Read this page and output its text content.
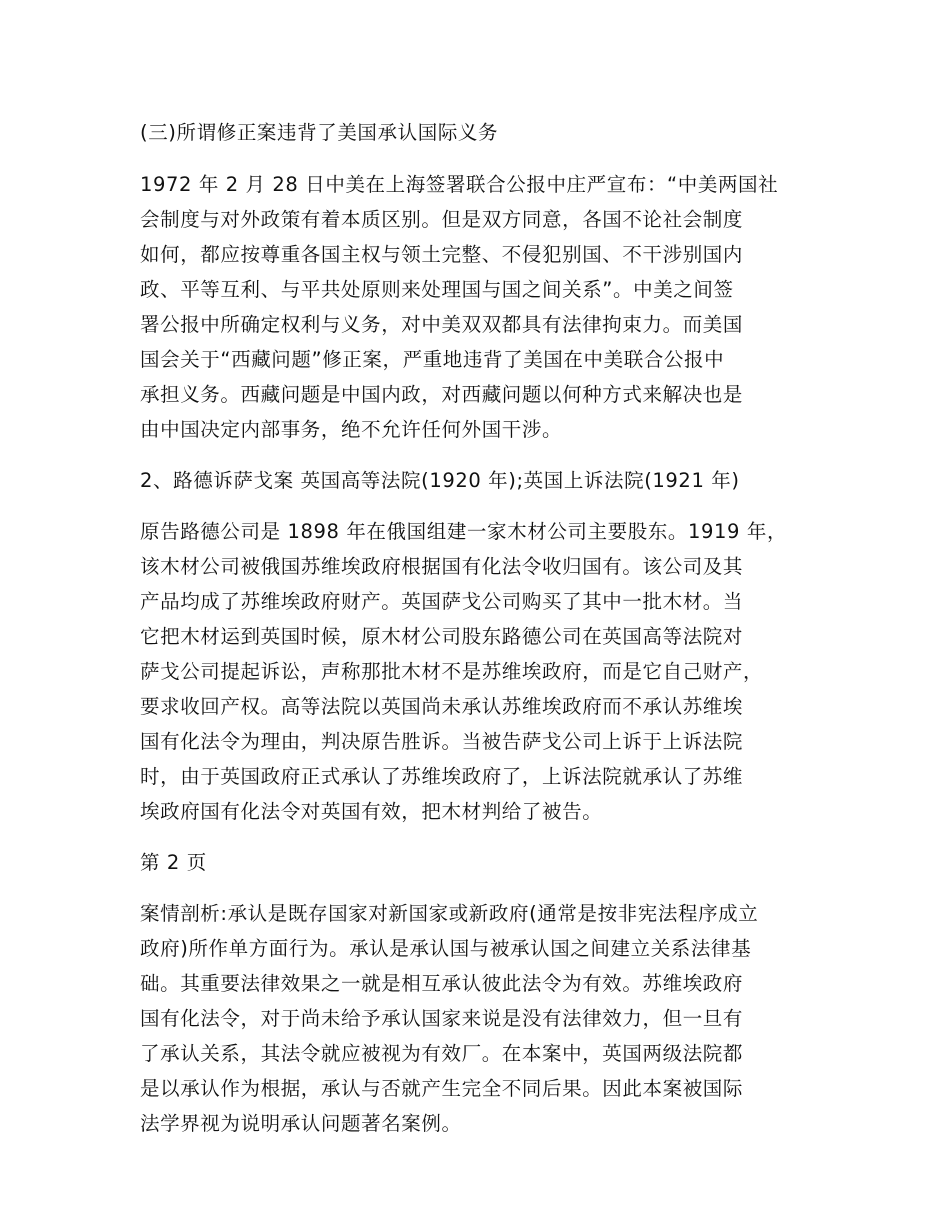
(三)所谓修正案违背了美国承认国际义务
1972 年 2 月 28 日中美在上海签署联合公报中庄严宣布：“中美两国社
会制度与对外政策有着本质区别。但是双方同意，各国不论社会制度
如何，都应按尊重各国主权与领土完整、不侵犯别国、不干涉别国内
政、平等互利、与平共处原则来处理国与国之间关系”。中美之间签
署公报中所确定权利与义务，对中美双双都具有法律拘束力。而美国
国会关于“西藏问题”修正案，严重地违背了美国在中美联合公报中
承担义务。西藏问题是中国内政，对西藏问题以何种方式来解决也是
由中国决定内部事务，绝不允许任何外国干涉。
2、路德诉萨戈案 英国高等法院(1920 年);英国上诉法院(1921 年)
原告路德公司是 1898 年在俄国组建一家木材公司主要股东。1919 年，
该木材公司被俄国苏维埃政府根据国有化法令收归国有。该公司及其
产品均成了苏维埃政府财产。英国萨戈公司购买了其中一批木材。当
它把木材运到英国时候，原木材公司股东路德公司在英国高等法院对
萨戈公司提起诉讼，声称那批木材不是苏维埃政府，而是它自己财产，
要求收回产权。高等法院以英国尚未承认苏维埃政府而不承认苏维埃
国有化法令为理由，判决原告胜诉。当被告萨戈公司上诉于上诉法院
时，由于英国政府正式承认了苏维埃政府了，上诉法院就承认了苏维
埃政府国有化法令对英国有效，把木材判给了被告。
第 2 页
案情剖析:承认是既存国家对新国家或新政府(通常是按非宪法程序成立
政府)所作单方面行为。承认是承认国与被承认国之间建立关系法律基
础。其重要法律效果之一就是相互承认彼此法令为有效。苏维埃政府
国有化法令，对于尚未给予承认国家来说是没有法律效力，但一旦有
了承认关系，其法令就应被视为有效厂。在本案中，英国两级法院都
是以承认作为根据，承认与否就产生完全不同后果。因此本案被国际
法学界视为说明承认问题著名案例。
